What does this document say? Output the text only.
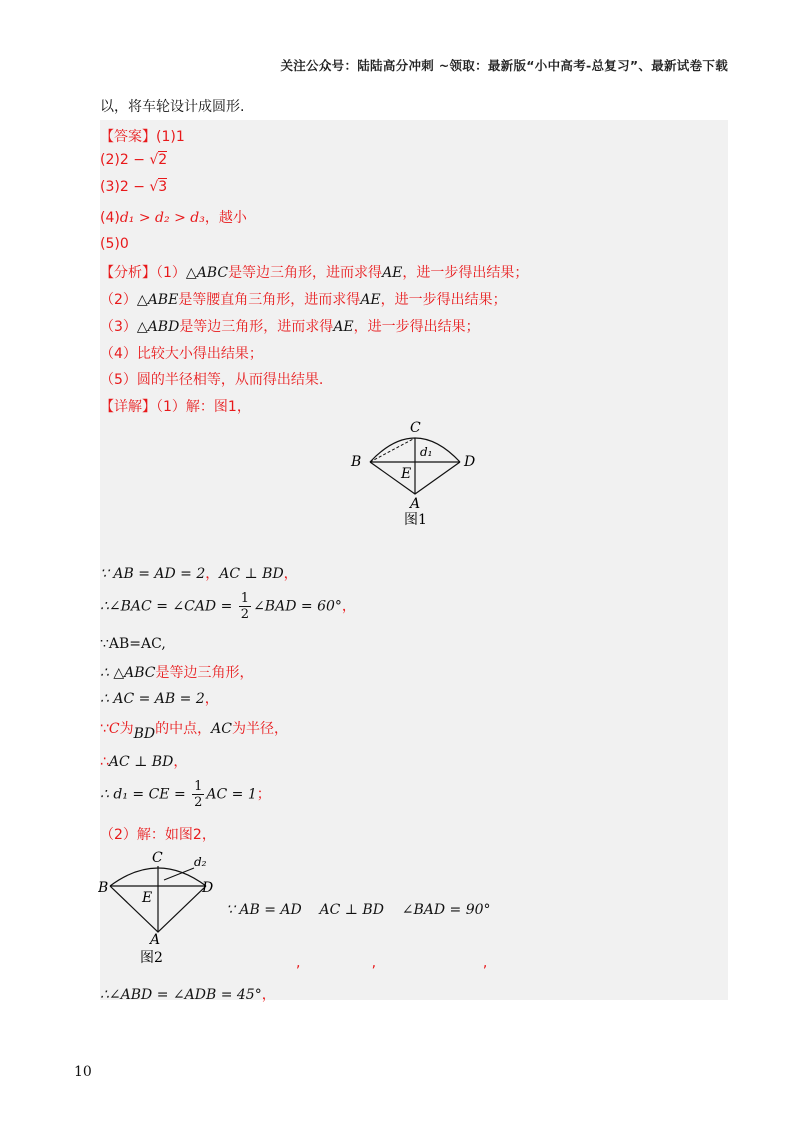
关注公众号：陆陆高分冲刺 ~领取：最新版“小中高考-总复习”、最新试卷下载
以，将车轮设计成圆形.
【答案】(1)1
(2)2 − √2
(3)2 − √3
(4)d₁ > d₂ > d₃，越小
(5)0
【分析】（1）△ABC是等边三角形，进而求得AE，进一步得出结果；
（2）△ABE是等腰直角三角形，进而求得AE，进一步得出结果；
（3）△ABD是等边三角形，进而求得AE，进一步得出结果；
（4）比较大小得出结果；
（5）圆的半径相等，从而得出结果.
【详解】（1）解：图1，
B
C
D
E
A
d₁
图1
∵ AB = AD = 2，AC ⊥ BD，
∴∠BAC = ∠CAD = $\frac{1}{2}$ ∠BAD = 60°，
∵AB=AC,
∴ △ABC是等边三角形，
∴ AC = AB = 2，
∵C为BD的中点，AC为半径，
∴AC ⊥ BD，
∴ d₁ = CE = $\frac{1}{2}$ AC = 1；
（2）解：如图2，
B
C
D
E
A
d₂
图2
∵ AB = AD    AC ⊥ BD    ∠BAD = 90°
,                ,                        ,
∴∠ABD = ∠ADB = 45°，
10
